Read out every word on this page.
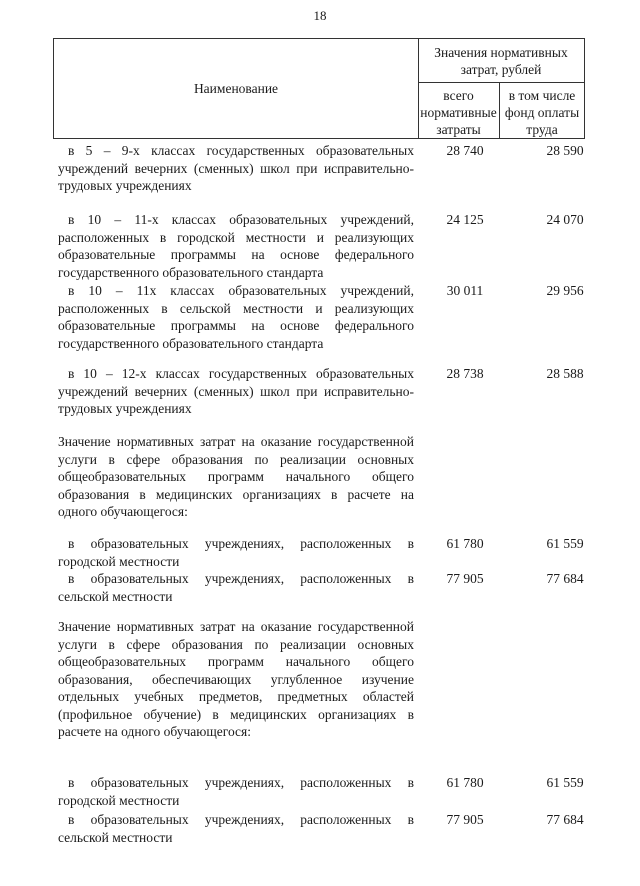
18
Наименование
Значения нормативных затрат, рублей
всего нормативные затраты
в том числе фонд оплаты труда
в 5 – 9-х классах государственных образовательных учреждений вечерних (сменных) школ при исправительно-трудовых учреждениях
28 740	28 590
в 10 – 11-х классах образовательных учреждений, расположенных в городской местности и реализующих образовательные программы на основе федерального государственного образовательного стандарта
24 125	24 070
в 10 – 11х классах образовательных учреждений, расположенных в сельской местности и реализующих образовательные программы на основе федерального государственного образовательного стандарта
30 011	29 956
в 10 – 12-х классах государственных образовательных учреждений вечерних (сменных) школ при исправительно-трудовых учреждениях
28 738	28 588
Значение нормативных затрат на оказание государственной услуги в сфере образования по реализации основных общеобразовательных программ начального общего образования в медицинских организациях в расчете на одного обучающегося:
в образовательных учреждениях, расположенных в городской местности
61 780	61 559
в образовательных учреждениях, расположенных в сельской местности
77 905	77 684
Значение нормативных затрат на оказание государственной услуги в сфере образования по реализации основных общеобразовательных программ начального общего образования, обеспечивающих углубленное изучение отдельных учебных предметов, предметных областей (профильное обучение) в медицинских организациях в расчете на одного обучающегося:
в образовательных учреждениях, расположенных в городской местности
61 780	61 559
в образовательных учреждениях, расположенных в сельской местности
77 905	77 684
